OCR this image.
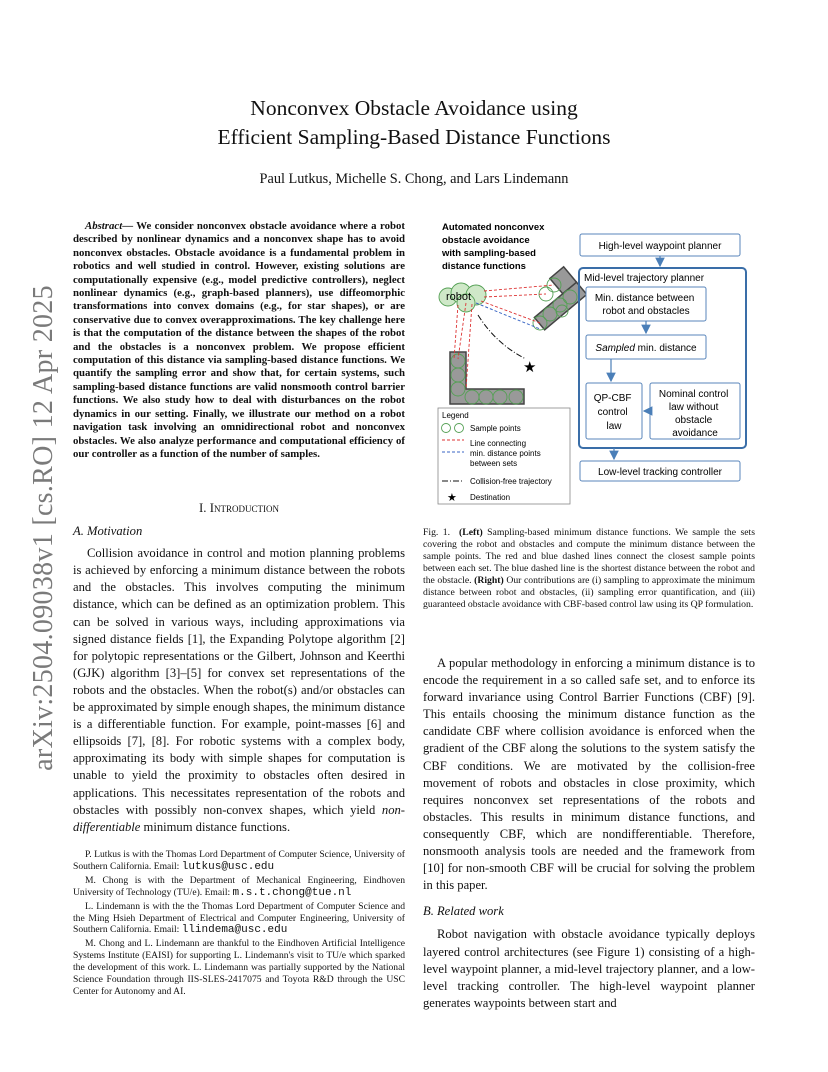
arXiv:2504.09038v1 [cs.RO] 12 Apr 2025
Nonconvex Obstacle Avoidance using
Efficient Sampling-Based Distance Functions
Paul Lutkus, Michelle S. Chong, and Lars Lindemann
Abstract— We consider nonconvex obstacle avoidance where a robot described by nonlinear dynamics and a nonconvex shape has to avoid nonconvex obstacles. Obstacle avoidance is a fundamental problem in robotics and well studied in control. However, existing solutions are computationally expensive (e.g., model predictive controllers), neglect nonlinear dynamics (e.g., graph-based planners), use diffeomorphic transformations into convex domains (e.g., for star shapes), or are conservative due to convex overapproximations. The key challenge here is that the computation of the distance between the shapes of the robot and the obstacles is a nonconvex problem. We propose efficient computation of this distance via sampling-based distance functions. We quantify the sampling error and show that, for certain systems, such sampling-based distance functions are valid nonsmooth control barrier functions. We also study how to deal with disturbances on the robot dynamics in our setting. Finally, we illustrate our method on a robot navigation task involving an omnidirectional robot and nonconvex obstacles. We also analyze performance and computational efficiency of our controller as a function of the number of samples.
I. Introduction
A. Motivation

Collision avoidance in control and motion planning problems is achieved by enforcing a minimum distance between the robots and the obstacles. This involves computing the minimum distance, which can be defined as an optimization problem. This can be solved in various ways, including approximations via signed distance fields [1], the Expanding Polytope algorithm [2] for polytopic representations or the Gilbert, Johnson and Keerthi (GJK) algorithm [3]–[5] for convex set representations of the robots and the obstacles. When the robot(s) and/or obstacles can be approximated by simple enough shapes, the minimum distance is a differentiable function. For example, point-masses [6] and ellipsoids [7], [8]. For robotic systems with a complex body, approximating its body with simple shapes for computation is unable to yield the proximity to obstacles often desired in applications. This necessitates representation of the robots and obstacles with possibly non-convex shapes, which yield non-differentiable minimum distance functions.

P. Lutkus is with the Thomas Lord Department of Computer Science, University of Southern California. Email: lutkus@usc.edu

M. Chong is with the Department of Mechanical Engineering, Eindhoven University of Technology (TU/e). Email: m.s.t.chong@tue.nl

L. Lindemann is with the the Thomas Lord Department of Computer Science and the Ming Hsieh Department of Electrical and Computer Engineering, University of Southern California. Email: llindema@usc.edu

M. Chong and L. Lindemann are thankful to the Eindhoven Artificial Intelligence Systems Institute (EAISI) for supporting L. Lindemann's visit to TU/e which sparked the development of this work. L. Lindemann was partially supported by the National Science Foundation through IIS-SLES-2417075 and Toyota R&D through the USC Center for Autonomy and AI.

Automated nonconvex obstacle avoidance with sampling-based distance functions
robot
★
Legend
Sample points
Line connecting min. distance points between sets
Collision-free trajectory
★ Destination
High-level waypoint planner
Mid-level trajectory planner
Min. distance between robot and obstacles
Sampled min. distance
QP-CBF control law
Nominal control law without obstacle avoidance
Low-level tracking controller
Fig. 1. (Left) Sampling-based minimum distance functions. We sample the sets covering the robot and obstacles and compute the minimum distance between the sample points. The red and blue dashed lines connect the closest sample points between each set. The blue dashed line is the shortest distance between the robot and the obstacle. (Right) Our contributions are (i) sampling to approximate the minimum distance between robot and obstacles, (ii) sampling error quantification, and (iii) guaranteed obstacle avoidance with CBF-based control law using its QP formulation.

A popular methodology in enforcing a minimum distance is to encode the requirement in a so called safe set, and to enforce its forward invariance using Control Barrier Functions (CBF) [9]. This entails choosing the minimum distance function as the candidate CBF where collision avoidance is enforced when the gradient of the CBF along the solutions to the system satisfy the CBF conditions. We are motivated by the collision-free movement of robots and obstacles in close proximity, which requires nonconvex set representations of the robots and obstacles. This results in minimum distance functions, and consequently CBF, which are nondifferentiable. Therefore, nonsmooth analysis tools are needed and the framework from [10] for non-smooth CBF will be crucial for solving the problem in this paper.

B. Related work

Robot navigation with obstacle avoidance typically deploys layered control architectures (see Figure 1) consisting of a high-level waypoint planner, a mid-level trajectory planner, and a low-level tracking controller. The high-level waypoint planner generates waypoints between start and
